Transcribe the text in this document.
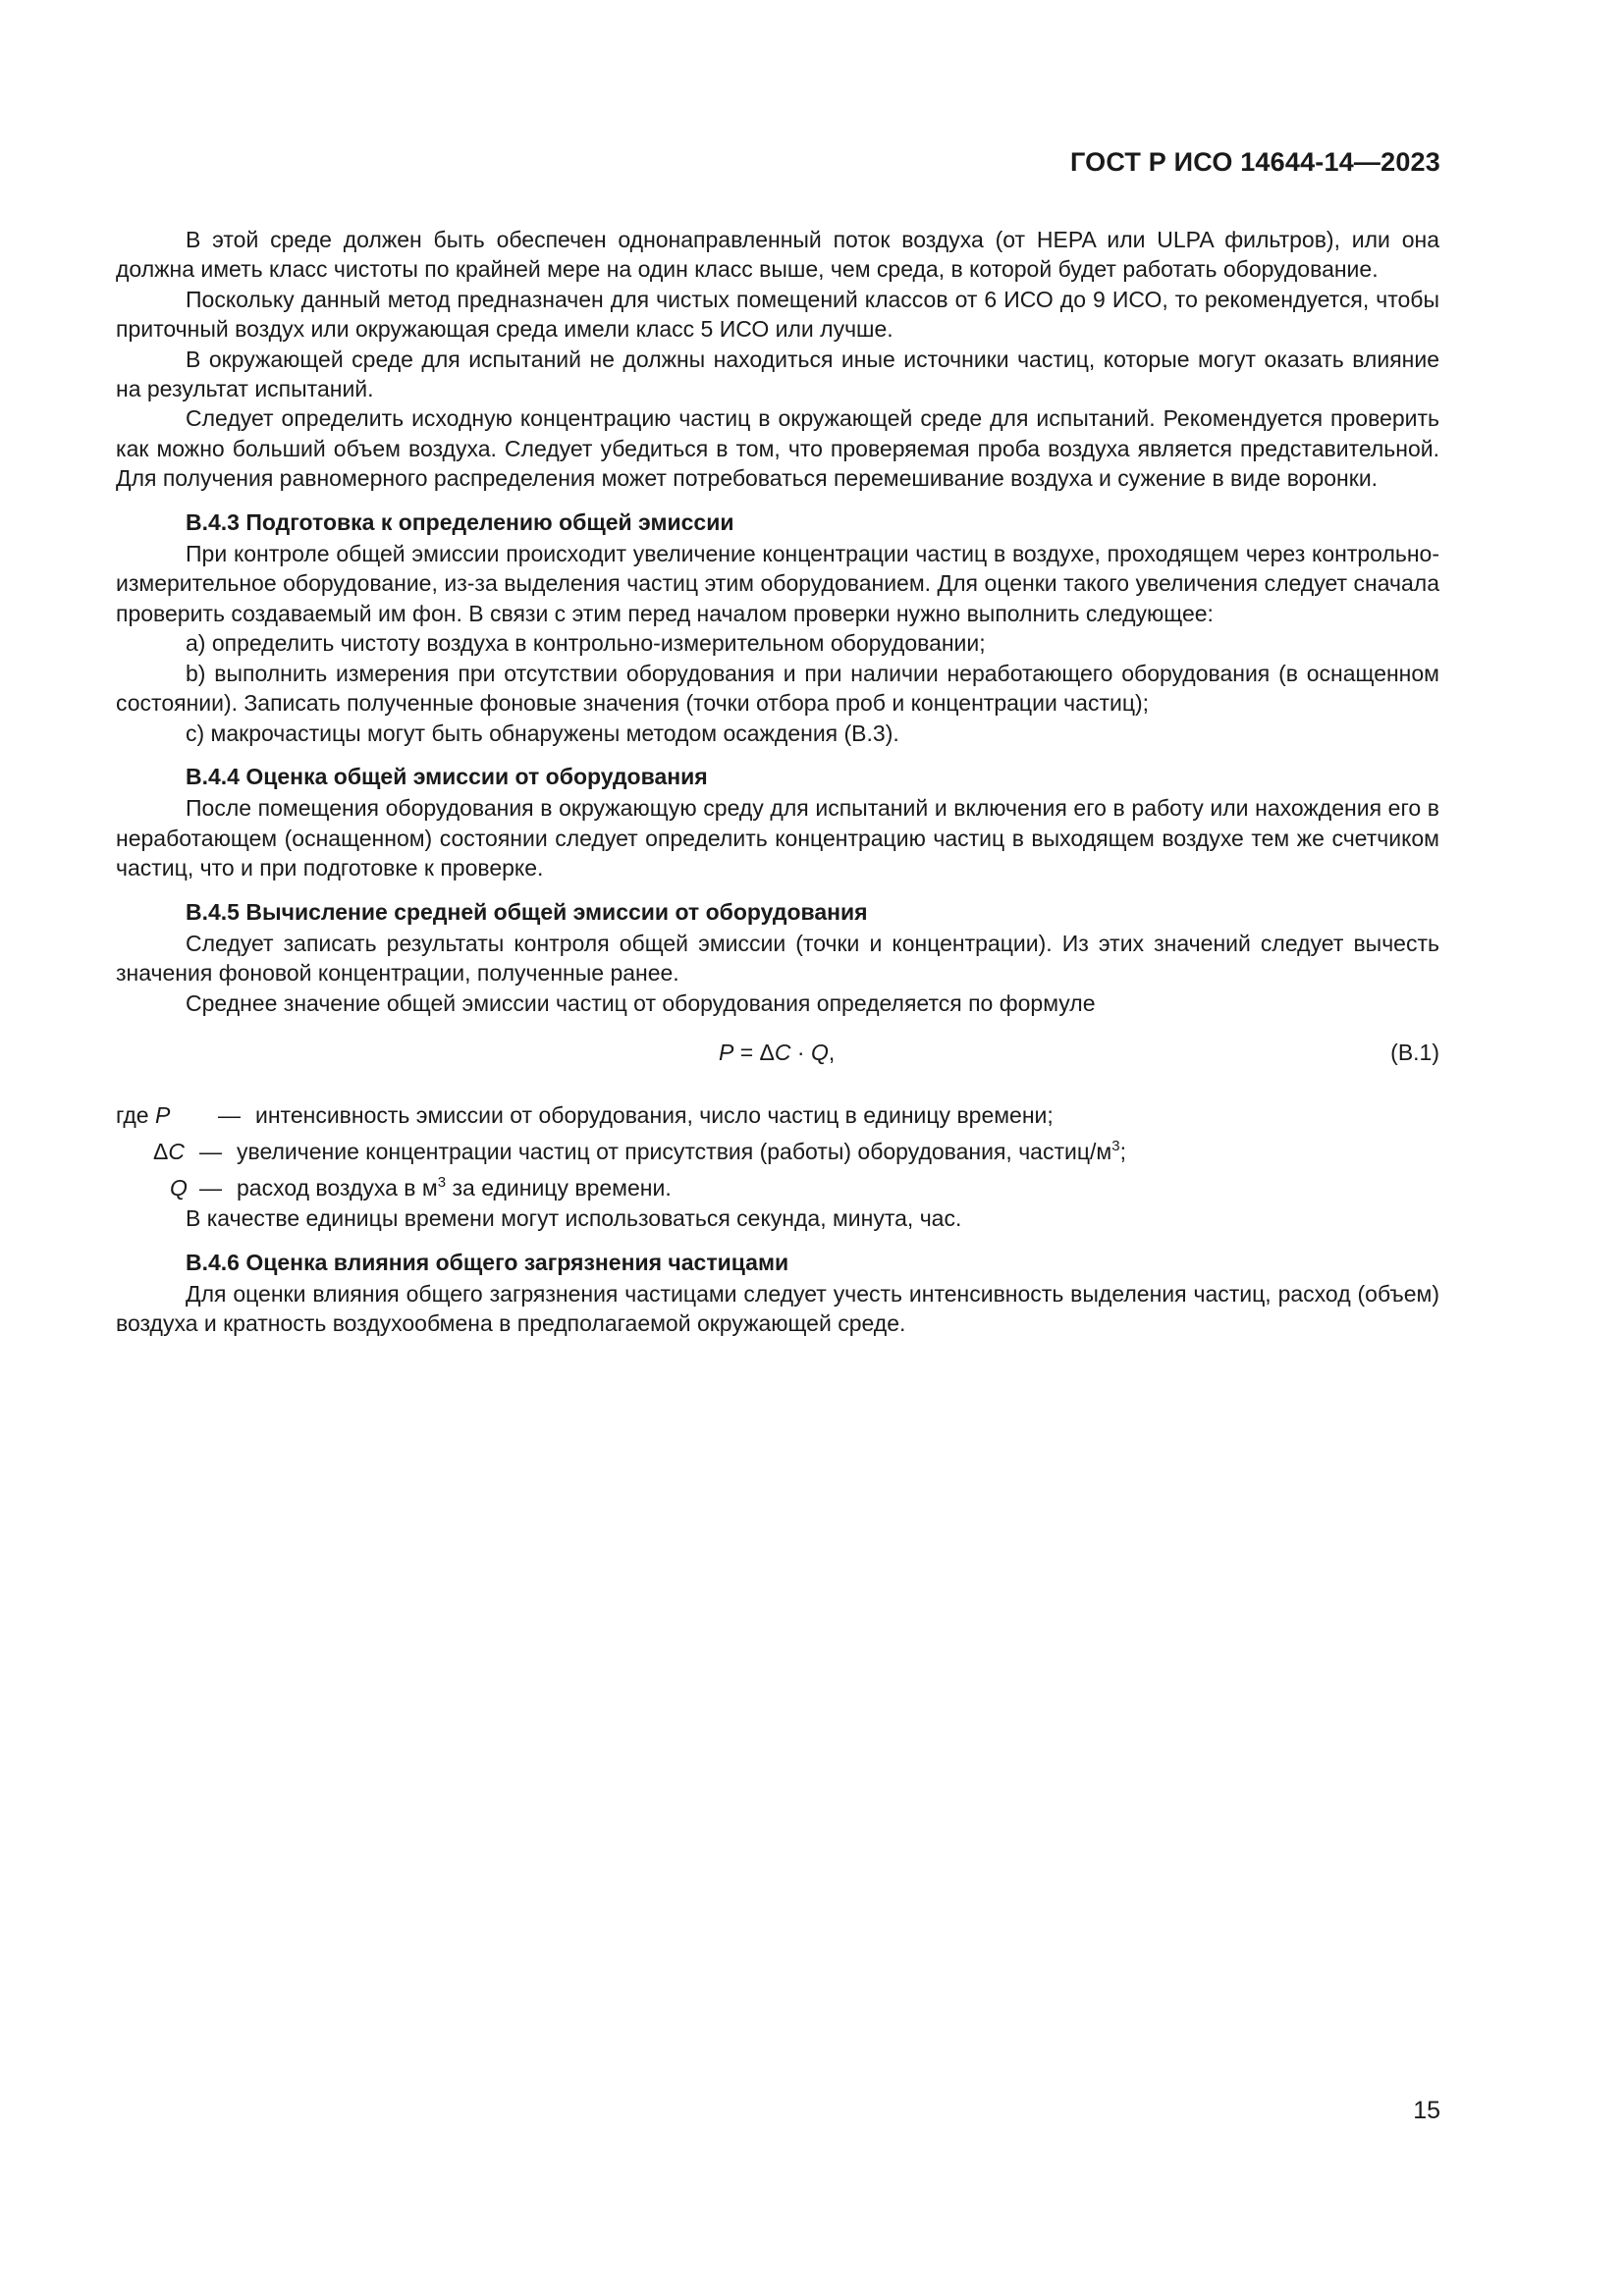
ГОСТ Р ИСО 14644-14—2023

В этой среде должен быть обеспечен однонаправленный поток воздуха (от HEPA или ULPA фильтров), или она должна иметь класс чистоты по крайней мере на один класс выше, чем среда, в которой будет работать оборудование.

Поскольку данный метод предназначен для чистых помещений классов от 6 ИСО до 9 ИСО, то рекомендуется, чтобы приточный воздух или окружающая среда имели класс 5 ИСО или лучше.

В окружающей среде для испытаний не должны находиться иные источники частиц, которые могут оказать влияние на результат испытаний.

Следует определить исходную концентрацию частиц в окружающей среде для испытаний. Рекомендуется проверить как можно больший объем воздуха. Следует убедиться в том, что проверяемая проба воздуха является представительной. Для получения равномерного распределения может потребоваться перемешивание воздуха и сужение в виде воронки.

В.4.3 Подготовка к определению общей эмиссии

При контроле общей эмиссии происходит увеличение концентрации частиц в воздухе, проходящем через контрольно-измерительное оборудование, из-за выделения частиц этим оборудованием. Для оценки такого увеличения следует сначала проверить создаваемый им фон. В связи с этим перед началом проверки нужно выполнить следующее:

a) определить чистоту воздуха в контрольно-измерительном оборудовании;

b) выполнить измерения при отсутствии оборудования и при наличии неработающего оборудования (в оснащенном состоянии). Записать полученные фоновые значения (точки отбора проб и концентрации частиц);

c) макрочастицы могут быть обнаружены методом осаждения (В.3).

В.4.4 Оценка общей эмиссии от оборудования

После помещения оборудования в окружающую среду для испытаний и включения его в работу или нахождения его в неработающем (оснащенном) состоянии следует определить концентрацию частиц в выходящем воздухе тем же счетчиком частиц, что и при подготовке к проверке.

В.4.5 Вычисление средней общей эмиссии от оборудования

Следует записать результаты контроля общей эмиссии (точки и концентрации). Из этих значений следует вычесть значения фоновой концентрации, полученные ранее.

Среднее значение общей эмиссии частиц от оборудования определяется по формуле

P = ΔC · Q,	(В.1)
где P — интенсивность эмиссии от оборудования, число частиц в единицу времени;
ΔC — увеличение концентрации частиц от присутствия (работы) оборудования, частиц/$м^3$;
Q — расход воздуха в $м^3$ за единицу времени.

В качестве единицы времени могут использоваться секунда, минута, час.

В.4.6 Оценка влияния общего загрязнения частицами

Для оценки влияния общего загрязнения частицами следует учесть интенсивность выделения частиц, расход (объем) воздуха и кратность воздухообмена в предполагаемой окружающей среде.

15
